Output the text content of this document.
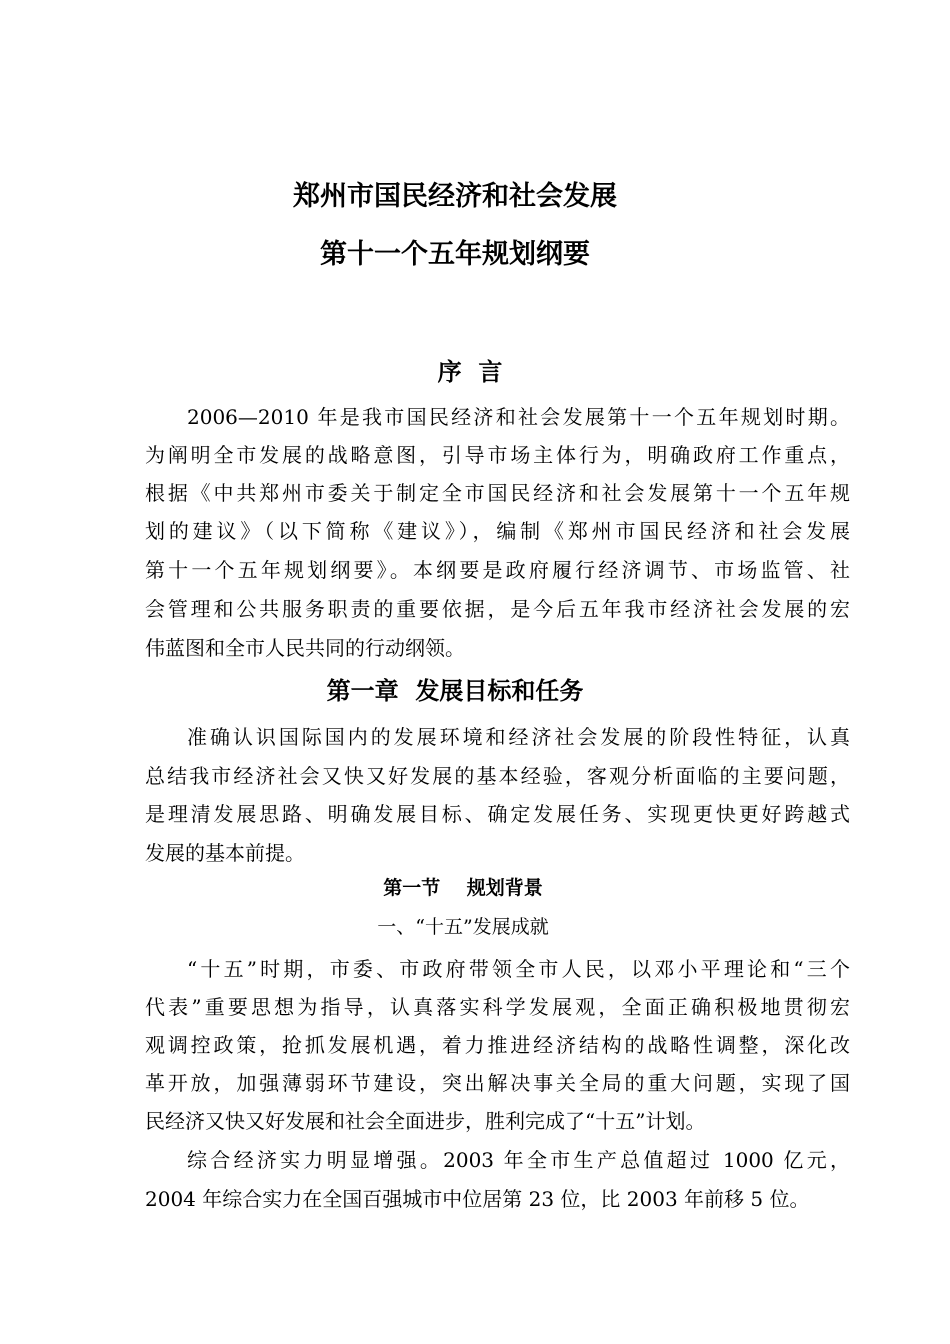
郑州市国民经济和社会发展
第十一个五年规划纲要
序  言
2006—2010 年是我市国民经济和社会发展第十一个五年规划时期。
为阐明全市发展的战略意图，引导市场主体行为，明确政府工作重点，
根据《中共郑州市委关于制定全市国民经济和社会发展第十一个五年规
划的建议》（以下简称《建议》），编制《郑州市国民经济和社会发展
第十一个五年规划纲要》。本纲要是政府履行经济调节、市场监管、社
会管理和公共服务职责的重要依据，是今后五年我市经济社会发展的宏
伟蓝图和全市人民共同的行动纲领。
第一章  发展目标和任务
准确认识国际国内的发展环境和经济社会发展的阶段性特征，认真
总结我市经济社会又快又好发展的基本经验，客观分析面临的主要问题，
是理清发展思路、明确发展目标、确定发展任务、实现更快更好跨越式
发展的基本前提。
第一节    规划背景
一、“十五”发展成就
“十五”时期，市委、市政府带领全市人民，以邓小平理论和“三个
代表”重要思想为指导，认真落实科学发展观，全面正确积极地贯彻宏
观调控政策，抢抓发展机遇，着力推进经济结构的战略性调整，深化改
革开放，加强薄弱环节建设，突出解决事关全局的重大问题，实现了国
民经济又快又好发展和社会全面进步，胜利完成了“十五”计划。
综合经济实力明显增强。2003 年全市生产总值超过 1000 亿元，
2004 年综合实力在全国百强城市中位居第 23 位，比 2003 年前移 5 位。
